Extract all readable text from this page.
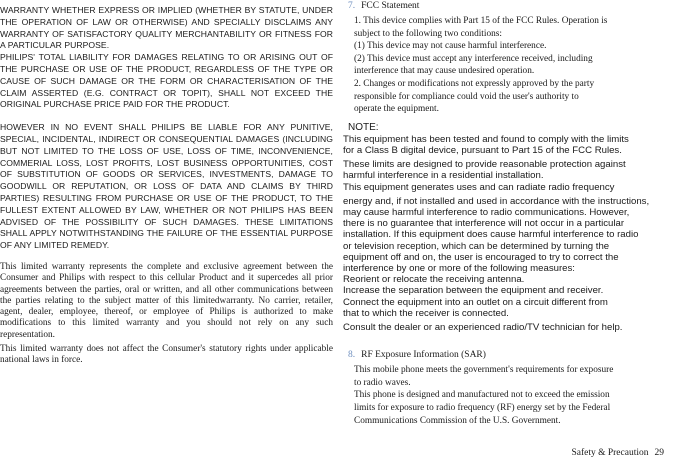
WARRANTY WHETHER EXPRESS OR IMPLIED (WHETHER BY STATUTE, UNDER THE OPERATION OF LAW OR OTHERWISE) AND SPECIALLY DISCLAIMS ANY WARRANTY OF SATISFACTORY QUALITY MERCHANTABILITY OR FITNESS FOR A PARTICULAR PURPOSE.

PHILIPS' TOTAL LIABILITY FOR DAMAGES RELATING TO OR ARISING OUT OF THE PURCHASE OR USE OF THE PRODUCT, REGARDLESS OF THE TYPE OR CAUSE OF SUCH DAMAGE OR THE FORM OR CHARACTERISATION OF THE CLAIM ASSERTED (E.G. CONTRACT OR TOPIT), SHALL NOT EXCEED THE ORIGINAL PURCHASE PRICE PAID FOR THE PRODUCT.

HOWEVER IN NO EVENT SHALL PHILIPS BE LIABLE FOR ANY PUNITIVE, SPECIAL, INCIDENTAL, INDIRECT OR CONSEQUENTIAL DAMAGES (INCLUDING BUT NOT LIMITED TO THE LOSS OF USE, LOSS OF TIME, INCONVENIENCE, COMMERIAL LOSS, LOST PROFITS, LOST BUSINESS OPPORTUNITIES, COST OF SUBSTITUTION OF GOODS OR SERVICES, INVESTMENTS, DAMAGE TO GOODWILL OR REPUTATION, OR LOSS OF DATA AND CLAIMS BY THIRD PARTIES) RESULTING FROM PURCHASE OR USE OF THE PRODUCT, TO THE FULLEST EXTENT ALLOWED BY LAW, WHETHER OR NOT PHILIPS HAS BEEN ADVISED OF THE POSSIBILITY OF SUCH DAMAGES. THESE LIMITATIONS SHALL APPLY NOTWITHSTANDING THE FAILURE OF THE ESSENTIAL PURPOSE OF ANY LIMITED REMEDY.

This limited warranty represents the complete and exclusive agreement between the Consumer and Philips with respect to this cellular Product and it supercedes all prior agreements between the parties, oral or written, and all other communications between the parties relating to the subject matter of this limitedwarranty. No carrier, retailer, agent, dealer, employee, thereof, or employee of Philips is authorized to make modifications to this limited warranty and you should not rely on any such representation.

This limited warranty does not affect the Consumer's statutory rights under applicable national laws in force.

7. FCC Statement

1. This device complies with Part 15 of the FCC Rules. Operation is

subject to the following two conditions:

(1) This device may not cause harmful interference.

(2) This device must accept any interference received, including

interference that may cause undesired operation.

2. Changes or modifications not expressly approved by the party

responsible for compliance could void the user's authority to

operate the equipment.

NOTE:

This equipment has been tested and found to comply with the limits

for a Class B digital device, pursuant to Part 15 of the FCC Rules.

These limits are designed to provide reasonable protection against

harmful interference in a residential installation.

This equipment generates uses and can radiate radio frequency

energy and, if not installed and used in accordance with the instructions,

may cause harmful interference to radio communications. However,

there is no guarantee that interference will not occur in a particular

installation. If this equipment does cause harmful interference to radio

or television reception, which can be determined by turning the

equipment off and on, the user is encouraged to try to correct the

interference by one or more of the following measures:

Reorient or relocate the receiving antenna.

Increase the separation between the equipment and receiver.

Connect the equipment into an outlet on a circuit different from

that to which the receiver is connected.

Consult the dealer or an experienced radio/TV technician for help.

8. RF Exposure Information (SAR)

This mobile phone meets the government's requirements for exposure

to radio waves.

This phone is designed and manufactured not to exceed the emission

limits for exposure to radio frequency (RF) energy set by the Federal

Communications Commission of the U.S. Government.

Safety & Precaution 29
